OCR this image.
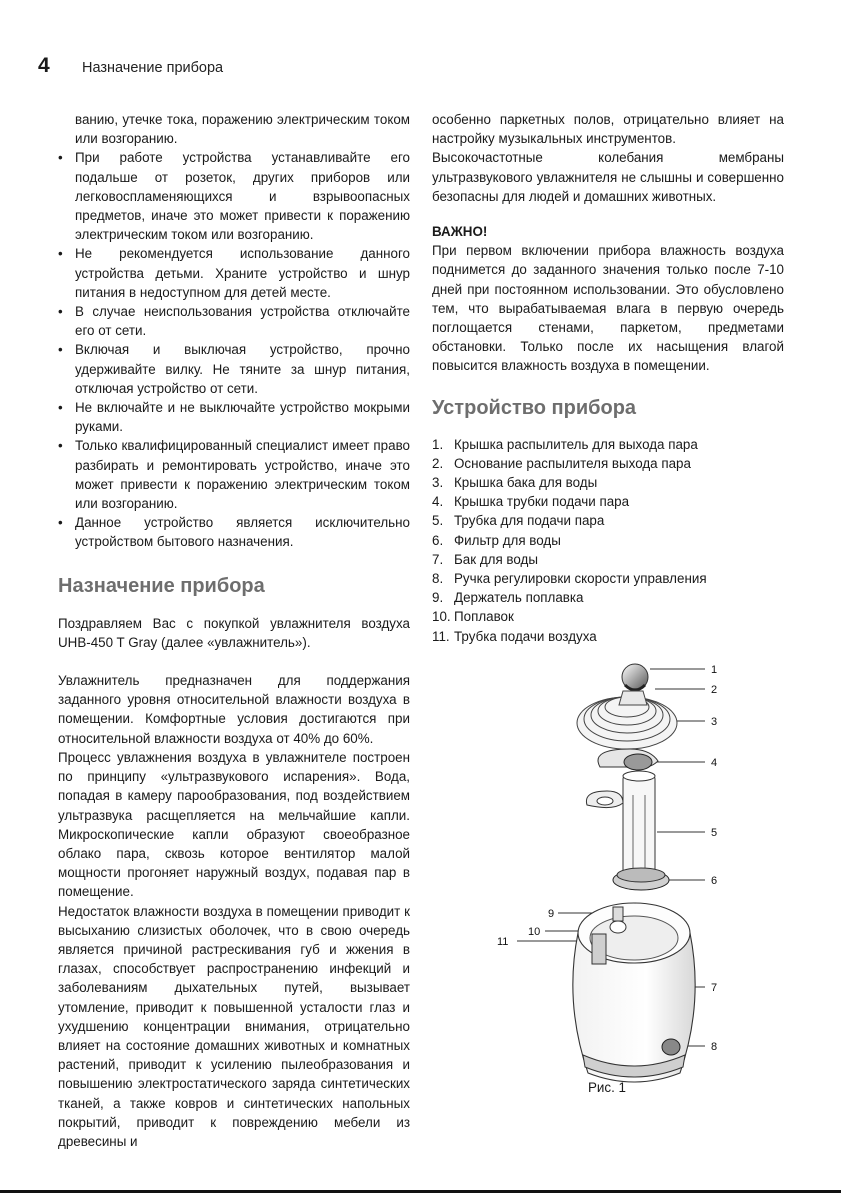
4	Назначение прибора
ванию, утечке тока, поражению электрическим током или возгоранию.
• При работе устройства устанавливайте его подальше от розеток, других приборов или легковоспламеняющихся и взрывоопасных предметов, иначе это может привести к поражению электрическим током или возгоранию.
• Не рекомендуется использование данного устройства детьми. Храните устройство и шнур питания в недоступном для детей месте.
• В случае неиспользования устройства отключайте его от сети.
• Включая и выключая устройство, прочно удерживайте вилку. Не тяните за шнур питания, отключая устройство от сети.
• Не включайте и не выключайте устройство мокрыми руками.
• Только квалифицированный специалист имеет право разбирать и ремонтировать устройство, иначе это может привести к поражению электрическим током или возгоранию.
• Данное устройство является исключительно устройством бытового назначения.
Назначение прибора

Поздравляем Вас с покупкой увлажнителя воздуха UHB-450 T Gray (далее «увлажнитель»).

Увлажнитель предназначен для поддержания заданного уровня относительной влажности воздуха в помещении. Комфортные условия достигаются при относительной влажности воздуха от 40% до 60%.

Процесс увлажнения воздуха в увлажнителе построен по принципу «ультразвукового испарения». Вода, попадая в камеру парообразования, под воздействием ультразвука расщепляется на мельчайшие капли. Микроскопические капли образуют своеобразное облако пара, сквозь которое вентилятор малой мощности прогоняет наружный воздух, подавая пар в помещение.

Недостаток влажности воздуха в помещении приводит к высыханию слизистых оболочек, что в свою очередь является причиной растрескивания губ и жжения в глазах, способствует распространению инфекций и заболеваниям дыхательных путей, вызывает утомление, приводит к повышенной усталости глаз и ухудшению концентрации внимания, отрицательно влияет на состояние домашних животных и комнатных растений, приводит к усилению пылеобразования и повышению электростатического заряда синтетических тканей, а также ковров и синтетических напольных покрытий, приводит к повреждению мебели из древесины и

особенно паркетных полов, отрицательно влияет на настройку музыкальных инструментов.

Высокочастотные колебания мембраны ультразвукового увлажнителя не слышны и совершенно безопасны для людей и домашних животных.

ВАЖНО!

При первом включении прибора влажность воздуха поднимется до заданного значения только после 7-10 дней при постоянном использовании. Это обусловлено тем, что вырабатываемая влага в первую очередь поглощается стенами, паркетом, предметами обстановки. Только после их насыщения влагой повысится влажность воздуха в помещении.

Устройство прибора
1. Крышка распылитель для выхода пара
2. Основание распылителя выхода пара
3. Крышка бака для воды
4. Крышка трубки подачи пара
5. Трубка для подачи пара
6. Фильтр для воды
7. Бак для воды
8. Ручка регулировки скорости управления
9. Держатель поплавка
10. Поплавок
11. Трубка подачи воздуха
1
2
3
4
5
6
7
8
9
10
11
Рис. 1
